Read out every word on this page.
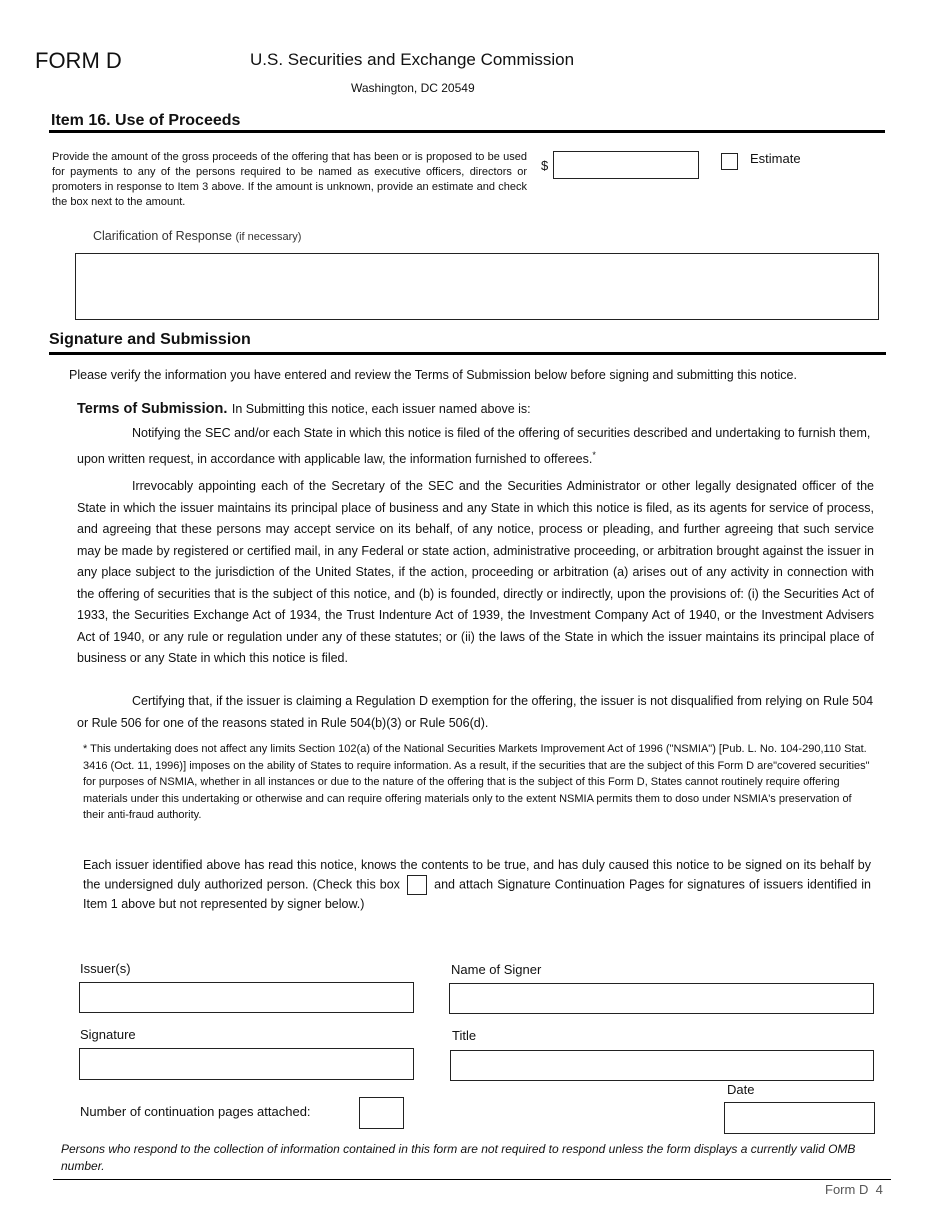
FORM D	U.S. Securities and Exchange Commission
Washington, DC 20549
Item 16. Use of Proceeds
Provide the amount of the gross proceeds of the offering that has been or is proposed to be used for payments to any of the persons required to be named as executive officers, directors or promoters in response to Item 3 above. If the amount is unknown, provide an estimate and check the box next to the amount.
$	Estimate
Clarification of Response (if necessary)
Signature and Submission
Please verify the information you have entered and review the Terms of Submission below before signing and submitting this notice.
Terms of Submission. In Submitting this notice, each issuer named above is:
Notifying the SEC and/or each State in which this notice is filed of the offering of securities described and undertaking to furnish them, upon written request, in accordance with applicable law, the information furnished to offerees.*
Irrevocably appointing each of the Secretary of the SEC and the Securities Administrator or other legally designated officer of the State in which the issuer maintains its principal place of business and any State in which this notice is filed, as its agents for service of process, and agreeing that these persons may accept service on its behalf, of any notice, process or pleading, and further agreeing that such service may be made by registered or certified mail, in any Federal or state action, administrative proceeding, or arbitration brought against the issuer in any place subject to the jurisdiction of the United States, if the action, proceeding or arbitration (a) arises out of any activity in connection with the offering of securities that is the subject of this notice, and (b) is founded, directly or indirectly, upon the provisions of: (i) the Securities Act of 1933, the Securities Exchange Act of 1934, the Trust Indenture Act of 1939, the Investment Company Act of 1940, or the Investment Advisers Act of 1940, or any rule or regulation under any of these statutes; or (ii) the laws of the State in which the issuer maintains its principal place of business or any State in which this notice is filed.
Certifying that, if the issuer is claiming a Regulation D exemption for the offering, the issuer is not disqualified from relying on Rule 504 or Rule 506 for one of the reasons stated in Rule 504(b)(3) or Rule 506(d).
* This undertaking does not affect any limits Section 102(a) of the National Securities Markets Improvement Act of 1996 ("NSMIA") [Pub. L. No. 104-290,110 Stat. 3416 (Oct. 11, 1996)] imposes on the ability of States to require information. As a result, if the securities that are the subject of this Form D are"covered securities" for purposes of NSMIA, whether in all instances or due to the nature of the offering that is the subject of this Form D, States cannot routinely require offering materials under this undertaking or otherwise and can require offering materials only to the extent NSMIA permits them to doso under NSMIA's preservation of their anti-fraud authority.
Each issuer identified above has read this notice, knows the contents to be true, and has duly caused this notice to be signed on its behalf by the undersigned duly authorized person. (Check this box	and attach Signature Continuation Pages for signatures of issuers identified in Item 1 above but not represented by signer below.)
Issuer(s)	Name of Signer
Signature	Title
Date
Number of continuation pages attached:
Persons who respond to the collection of information contained in this form are not required to respond unless the form displays a currently valid OMB number.
Form D 4
